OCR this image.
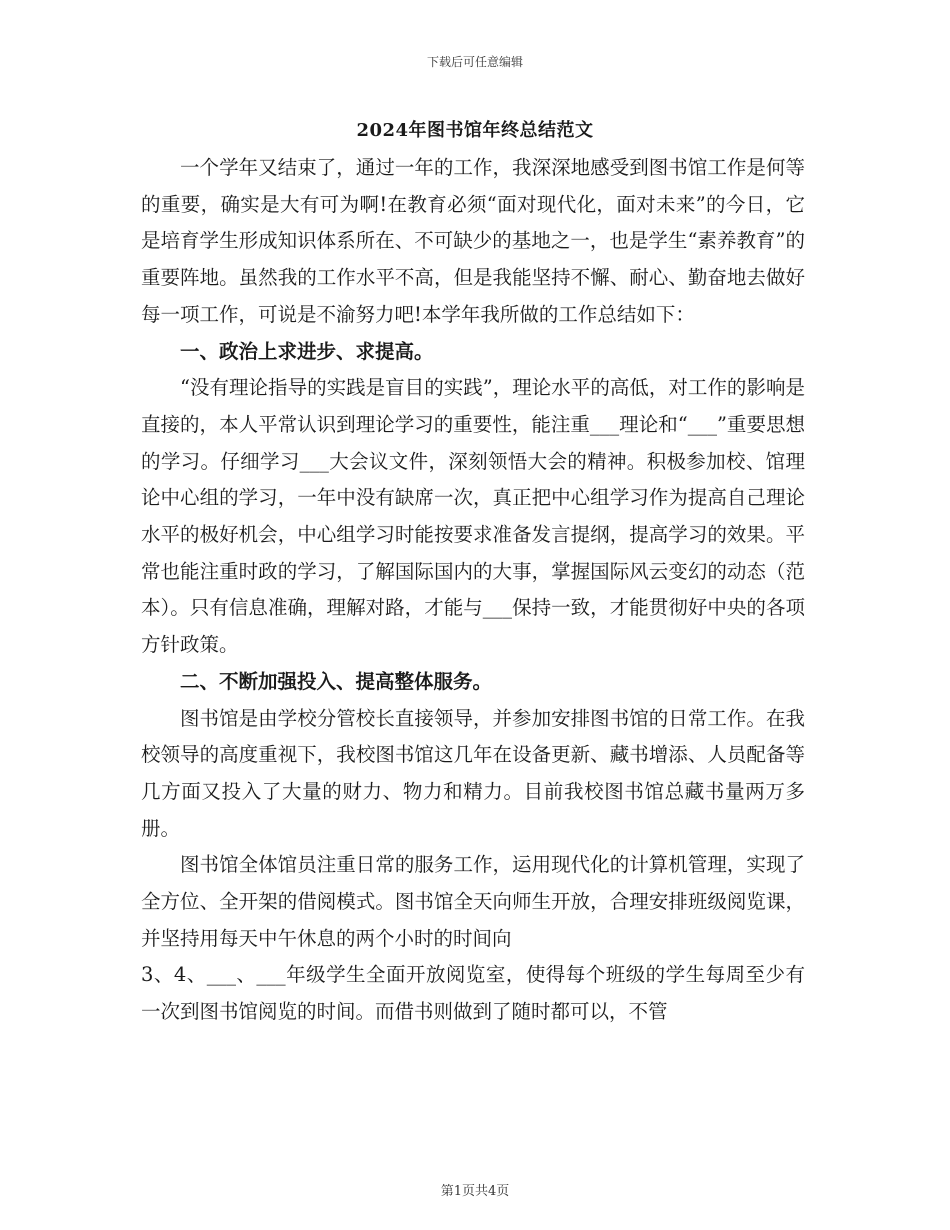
下载后可任意编辑
2024年图书馆年终总结范文

一个学年又结束了，通过一年的工作，我深深地感受到图书馆工作是何等的重要，确实是大有可为啊!在教育必须“面对现代化，面对未来”的今日，它是培育学生形成知识体系所在、不可缺少的基地之一，也是学生“素养教育”的重要阵地。虽然我的工作水平不高，但是我能坚持不懈、耐心、勤奋地去做好每一项工作，可说是不渝努力吧!本学年我所做的工作总结如下：

一、政治上求进步、求提高。

“没有理论指导的实践是盲目的实践”，理论水平的高低，对工作的影响是直接的，本人平常认识到理论学习的重要性，能注重___理论和“___”重要思想的学习。仔细学习___大会议文件，深刻领悟大会的精神。积极参加校、馆理论中心组的学习，一年中没有缺席一次，真正把中心组学习作为提高自己理论水平的极好机会，中心组学习时能按要求准备发言提纲，提高学习的效果。平常也能注重时政的学习，了解国际国内的大事，掌握国际风云变幻的动态（范本）。只有信息准确，理解对路，才能与___保持一致，才能贯彻好中央的各项方针政策。

二、不断加强投入、提高整体服务。

图书馆是由学校分管校长直接领导，并参加安排图书馆的日常工作。在我校领导的高度重视下，我校图书馆这几年在设备更新、藏书增添、人员配备等几方面又投入了大量的财力、物力和精力。目前我校图书馆总藏书量两万多册。

图书馆全体馆员注重日常的服务工作，运用现代化的计算机管理，实现了全方位、全开架的借阅模式。图书馆全天向师生开放，合理安排班级阅览课，并坚持用每天中午休息的两个小时的时间向

3、4、___、___年级学生全面开放阅览室，使得每个班级的学生每周至少有一次到图书馆阅览的时间。而借书则做到了随时都可以，不管

第1页共4页
